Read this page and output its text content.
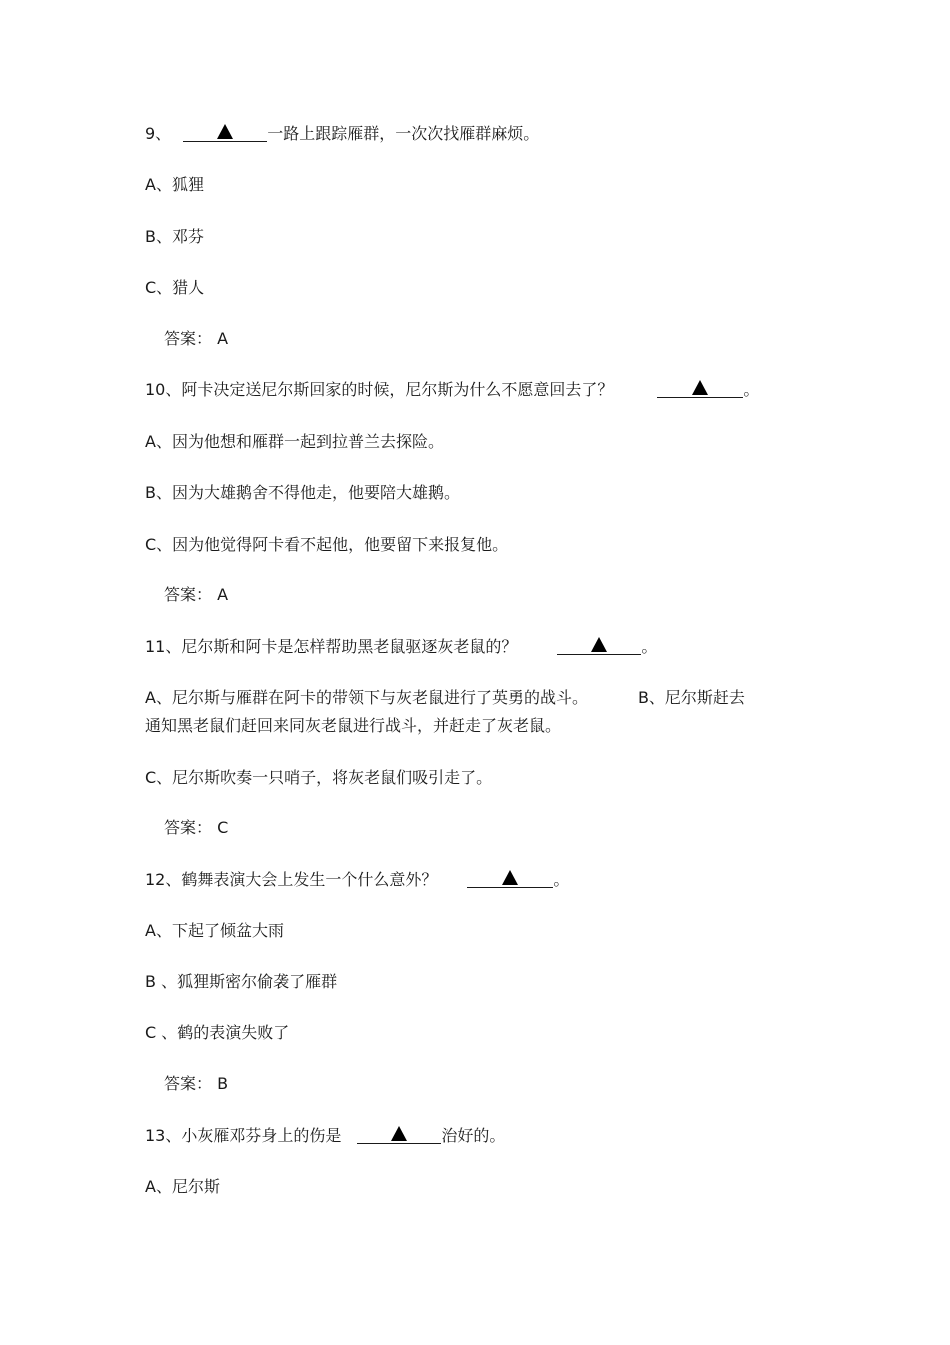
9、	一路上跟踪雁群，一次次找雁群麻烦。
A、狐狸
B、邓芬
C、猎人
答案： A
10、阿卡决定送尼尔斯回家的时候，尼尔斯为什么不愿意回去了？	。
A、因为他想和雁群一起到拉普兰去探险。
B、因为大雄鹅舍不得他走，他要陪大雄鹅。
C、因为他觉得阿卡看不起他，他要留下来报复他。
答案： A
11、尼尔斯和阿卡是怎样帮助黑老鼠驱逐灰老鼠的？	。
A、尼尔斯与雁群在阿卡的带领下与灰老鼠进行了英勇的战斗。	B、尼尔斯赶去
通知黑老鼠们赶回来同灰老鼠进行战斗，并赶走了灰老鼠。
C、尼尔斯吹奏一只哨子，将灰老鼠们吸引走了。
答案： C
12、鹤舞表演大会上发生一个什么意外？	。
A、下起了倾盆大雨
B 、狐狸斯密尔偷袭了雁群
C 、鹤的表演失败了
答案： B
13、小灰雁邓芬身上的伤是	治好的。
A、尼尔斯
